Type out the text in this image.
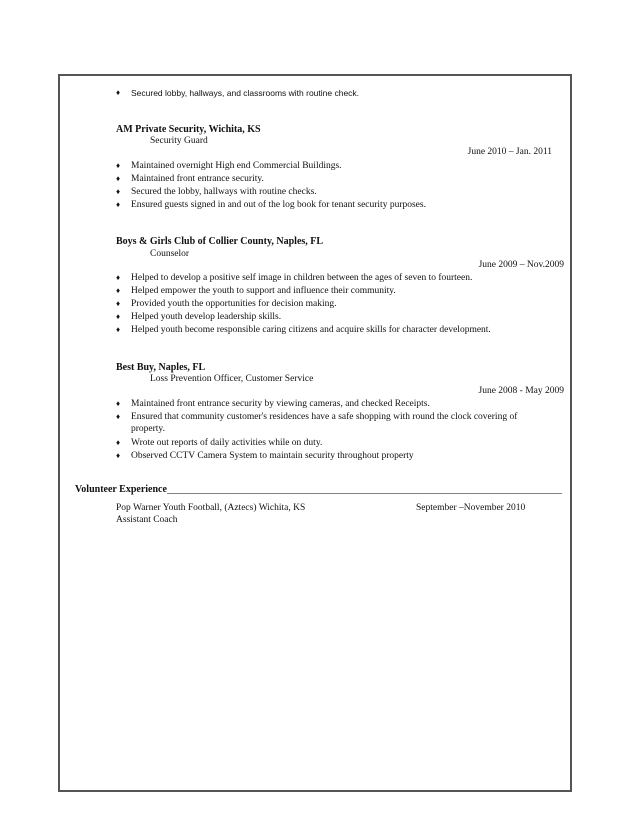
♦ Secured lobby, hallways, and classrooms with routine check.
AM Private Security, Wichita, KS
Security Guard
June 2010 – Jan. 2011
♦ Maintained overnight High end Commercial Buildings.
♦ Maintained front entrance security.
♦ Secured the lobby, hallways with routine checks.
♦ Ensured guests signed in and out of the log book for tenant security purposes.
Boys & Girls Club of Collier County, Naples, FL
Counselor
June 2009 – Nov.2009
♦ Helped to develop a positive self image in children between the ages of seven to fourteen.
♦ Helped empower the youth to support and influence their community.
♦ Provided youth the opportunities for decision making.
♦ Helped youth develop leadership skills.
♦ Helped youth become responsible caring citizens and acquire skills for character development.
Best Buy, Naples, FL
Loss Prevention Officer, Customer Service
June 2008 - May 2009
♦ Maintained front entrance security by viewing cameras, and checked Receipts.
♦ Ensured that community customer's residences have a safe shopping with round the clock covering of property.
♦ Wrote out reports of daily activities while on duty.
♦ Observed CCTV Camera System to maintain security throughout property
Volunteer Experience_______________________________________________________________________________
Pop Warner Youth Football, (Aztecs) Wichita, KS	September –November 2010
Assistant Coach
